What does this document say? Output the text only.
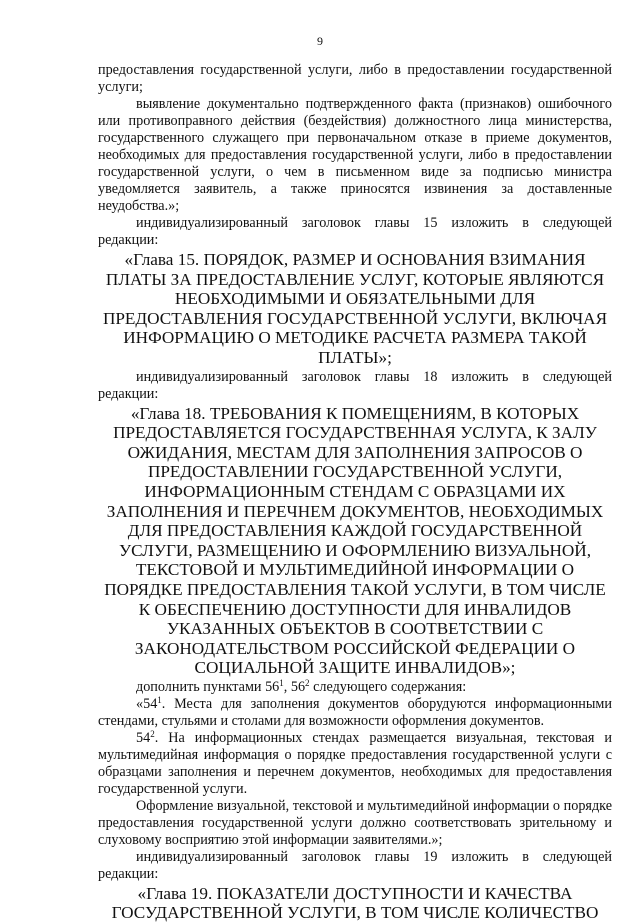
9

предоставления государственной услуги, либо в предоставлении государственной услуги;

выявление документально подтвержденного факта (признаков) ошибочного или противоправного действия (бездействия) должностного лица министерства, государственного служащего при первоначальном отказе в приеме документов, необходимых для предоставления государственной услуги, либо в предоставлении государственной услуги, о чем в письменном виде за подписью министра уведомляется заявитель, а также приносятся извинения за доставленные неудобства.»;

индивидуализированный заголовок главы 15 изложить в следующей редакции:

«Глава 15. ПОРЯДОК, РАЗМЕР И ОСНОВАНИЯ ВЗИМАНИЯ ПЛАТЫ ЗА ПРЕДОСТАВЛЕНИЕ УСЛУГ, КОТОРЫЕ ЯВЛЯЮТСЯ НЕОБХОДИМЫМИ И ОБЯЗАТЕЛЬНЫМИ ДЛЯ ПРЕДОСТАВЛЕНИЯ ГОСУДАРСТВЕННОЙ УСЛУГИ, ВКЛЮЧАЯ ИНФОРМАЦИЮ О МЕТОДИКЕ РАСЧЕТА РАЗМЕРА ТАКОЙ ПЛАТЫ»;

индивидуализированный заголовок главы 18 изложить в следующей редакции:

«Глава 18. ТРЕБОВАНИЯ К ПОМЕЩЕНИЯМ, В КОТОРЫХ ПРЕДОСТАВЛЯЕТСЯ ГОСУДАРСТВЕННАЯ УСЛУГА, К ЗАЛУ ОЖИДАНИЯ, МЕСТАМ ДЛЯ ЗАПОЛНЕНИЯ ЗАПРОСОВ О ПРЕДОСТАВЛЕНИИ ГОСУДАРСТВЕННОЙ УСЛУГИ, ИНФОРМАЦИОННЫМ СТЕНДАМ С ОБРАЗЦАМИ ИХ ЗАПОЛНЕНИЯ И ПЕРЕЧНЕМ ДОКУМЕНТОВ, НЕОБХОДИМЫХ ДЛЯ ПРЕДОСТАВЛЕНИЯ КАЖДОЙ ГОСУДАРСТВЕННОЙ УСЛУГИ, РАЗМЕЩЕНИЮ И ОФОРМЛЕНИЮ ВИЗУАЛЬНОЙ, ТЕКСТОВОЙ И МУЛЬТИМЕДИЙНОЙ ИНФОРМАЦИИ О ПОРЯДКЕ ПРЕДОСТАВЛЕНИЯ ТАКОЙ УСЛУГИ, В ТОМ ЧИСЛЕ К ОБЕСПЕЧЕНИЮ ДОСТУПНОСТИ ДЛЯ ИНВАЛИДОВ УКАЗАННЫХ ОБЪЕКТОВ В СООТВЕТСТВИИ С ЗАКОНОДАТЕЛЬСТВОМ РОССИЙСКОЙ ФЕДЕРАЦИИ О СОЦИАЛЬНОЙ ЗАЩИТЕ ИНВАЛИДОВ»;

дополнить пунктами $56^1$, $56^2$ следующего содержания:

«$54^1$. Места для заполнения документов оборудуются информационными стендами, стульями и столами для возможности оформления документов.

$54^2$. На информационных стендах размещается визуальная, текстовая и мультимедийная информация о порядке предоставления государственной услуги с образцами заполнения и перечнем документов, необходимых для предоставления государственной услуги.

Оформление визуальной, текстовой и мультимедийной информации о порядке предоставления государственной услуги должно соответствовать зрительному и слуховому восприятию этой информации заявителями.»;

индивидуализированный заголовок главы 19 изложить в следующей редакции:

«Глава 19. ПОКАЗАТЕЛИ ДОСТУПНОСТИ И КАЧЕСТВА ГОСУДАРСТВЕННОЙ УСЛУГИ, В ТОМ ЧИСЛЕ КОЛИЧЕСТВО
